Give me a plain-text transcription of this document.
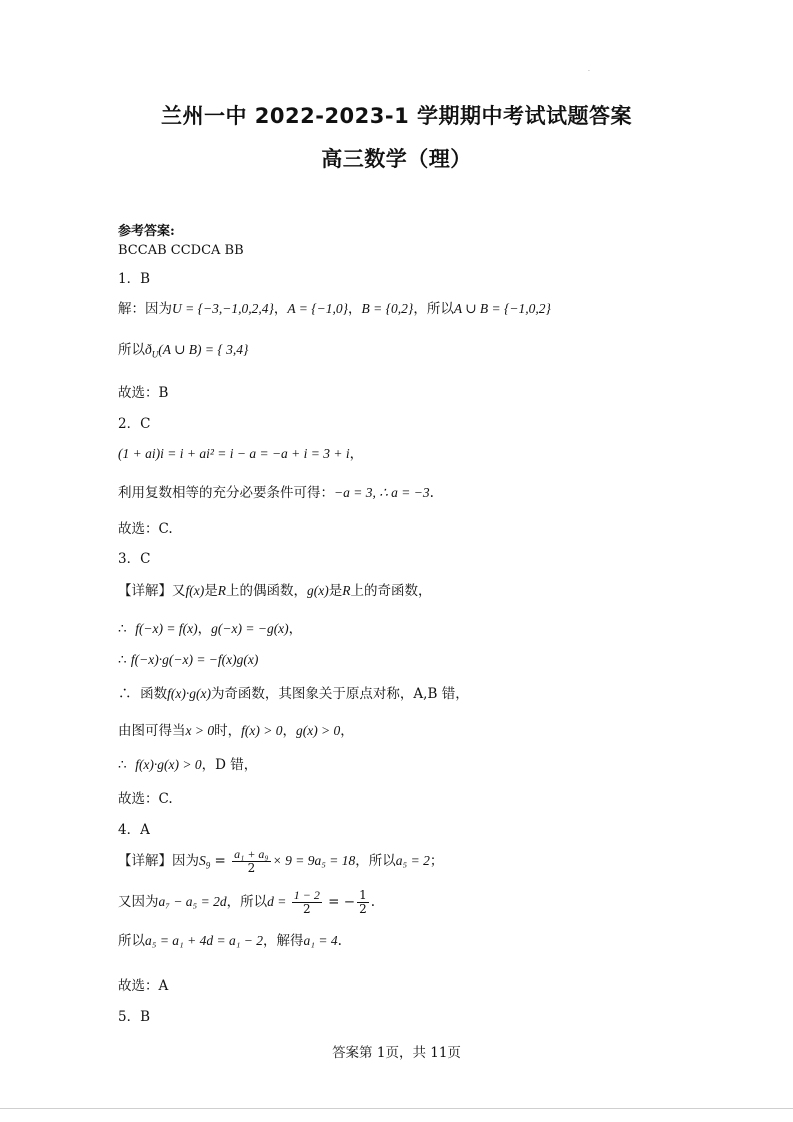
.
兰州一中 2022-2023-1 学期期中考试试题答案
高三数学（理）
参考答案:
BCCAB CCDCA BB
1．B
解：因为U = {−3,−1,0,2,4}，A = {−1,0}，B = {0,2}，所以A ∪ B = {−1,0,2}
所以$ð_U(A$ ∪ B) = { 3,4}
故选：B
2．C
(1 + ai)i = i + ai² = i − a = −a + i = 3 + i，
利用复数相等的充分必要条件可得：−a = 3, ∴ a = −3.
故选：C.
3．C
【详解】又f(x)是R上的偶函数，g(x)是R上的奇函数，
∴ f(−x) = f(x)，g(−x) = −g(x)，
∴ f(−x)·g(−x) = −f(x)g(x)
∴ 函数f(x)·g(x)为奇函数，其图象关于原点对称，A,B 错，
由图可得当x > 0时，f(x) > 0，g(x) > 0，
∴ f(x)·g(x) > 0，D 错，
故选：C.
4．A
【详解】因为$S_9 = \frac{\text{a₁ + a₉}}{2} \times 9 = 9a_5 = 18$，所以a₅ = 2；
又因为a₇ − a₅ = 2d，所以$d = \frac{1 - 2}{2}$ = − $\frac{1}{2}$ .
所以a₅ = a₁ + 4d = a₁ − 2，解得a₁ = 4.
故选：A
5．B
答案第 1页，共 11页
